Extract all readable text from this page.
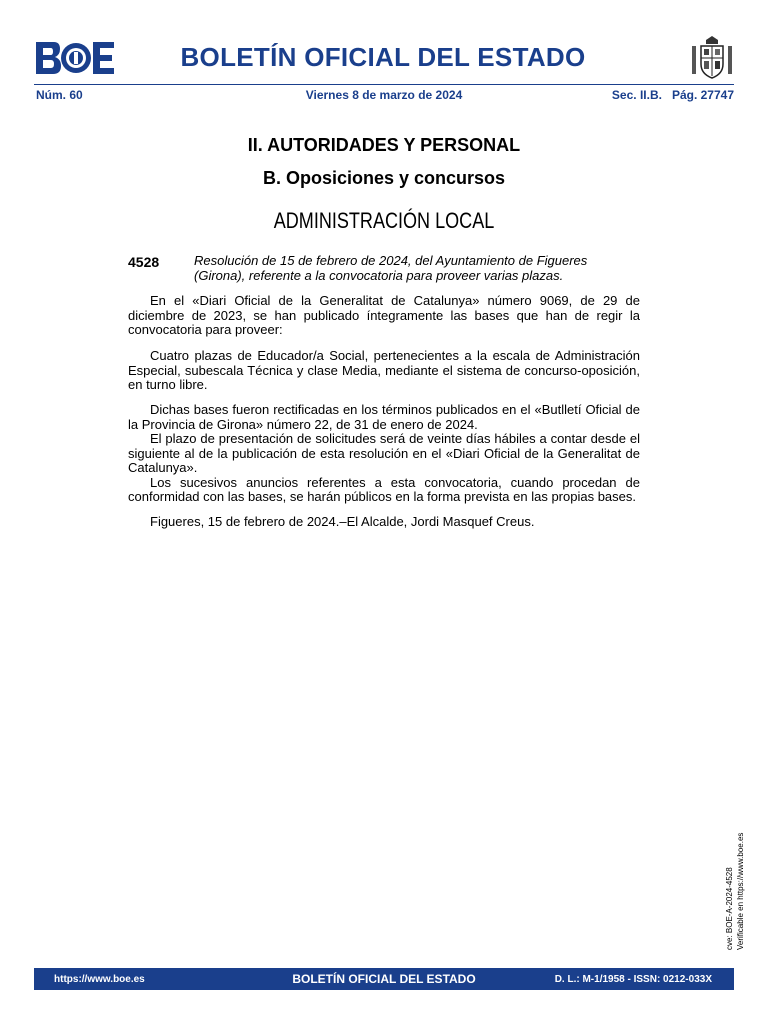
BOLETÍN OFICIAL DEL ESTADO
Núm. 60	Viernes 8 de marzo de 2024	Sec. II.B.   Pág. 27747
II. AUTORIDADES Y PERSONAL
B. Oposiciones y concursos
ADMINISTRACIÓN LOCAL
4528	Resolución de 15 de febrero de 2024, del Ayuntamiento de Figueres (Girona), referente a la convocatoria para proveer varias plazas.

En el «Diari Oficial de la Generalitat de Catalunya» número 9069, de 29 de diciembre de 2023, se han publicado íntegramente las bases que han de regir la convocatoria para proveer:

Cuatro plazas de Educador/a Social, pertenecientes a la escala de Administración Especial, subescala Técnica y clase Media, mediante el sistema de concurso-oposición, en turno libre.

Dichas bases fueron rectificadas en los términos publicados en el «Butlletí Oficial de la Provincia de Girona» número 22, de 31 de enero de 2024.

El plazo de presentación de solicitudes será de veinte días hábiles a contar desde el siguiente al de la publicación de esta resolución en el «Diari Oficial de la Generalitat de Catalunya».

Los sucesivos anuncios referentes a esta convocatoria, cuando procedan de conformidad con las bases, se harán públicos en la forma prevista en las propias bases.

Figueres, 15 de febrero de 2024.–El Alcalde, Jordi Masquef Creus.

cve: BOE-A-2024-4528 Verificable en https://www.boe.es
https://www.boe.es	BOLETÍN OFICIAL DEL ESTADO	D. L.: M-1/1958 - ISSN: 0212-033X
